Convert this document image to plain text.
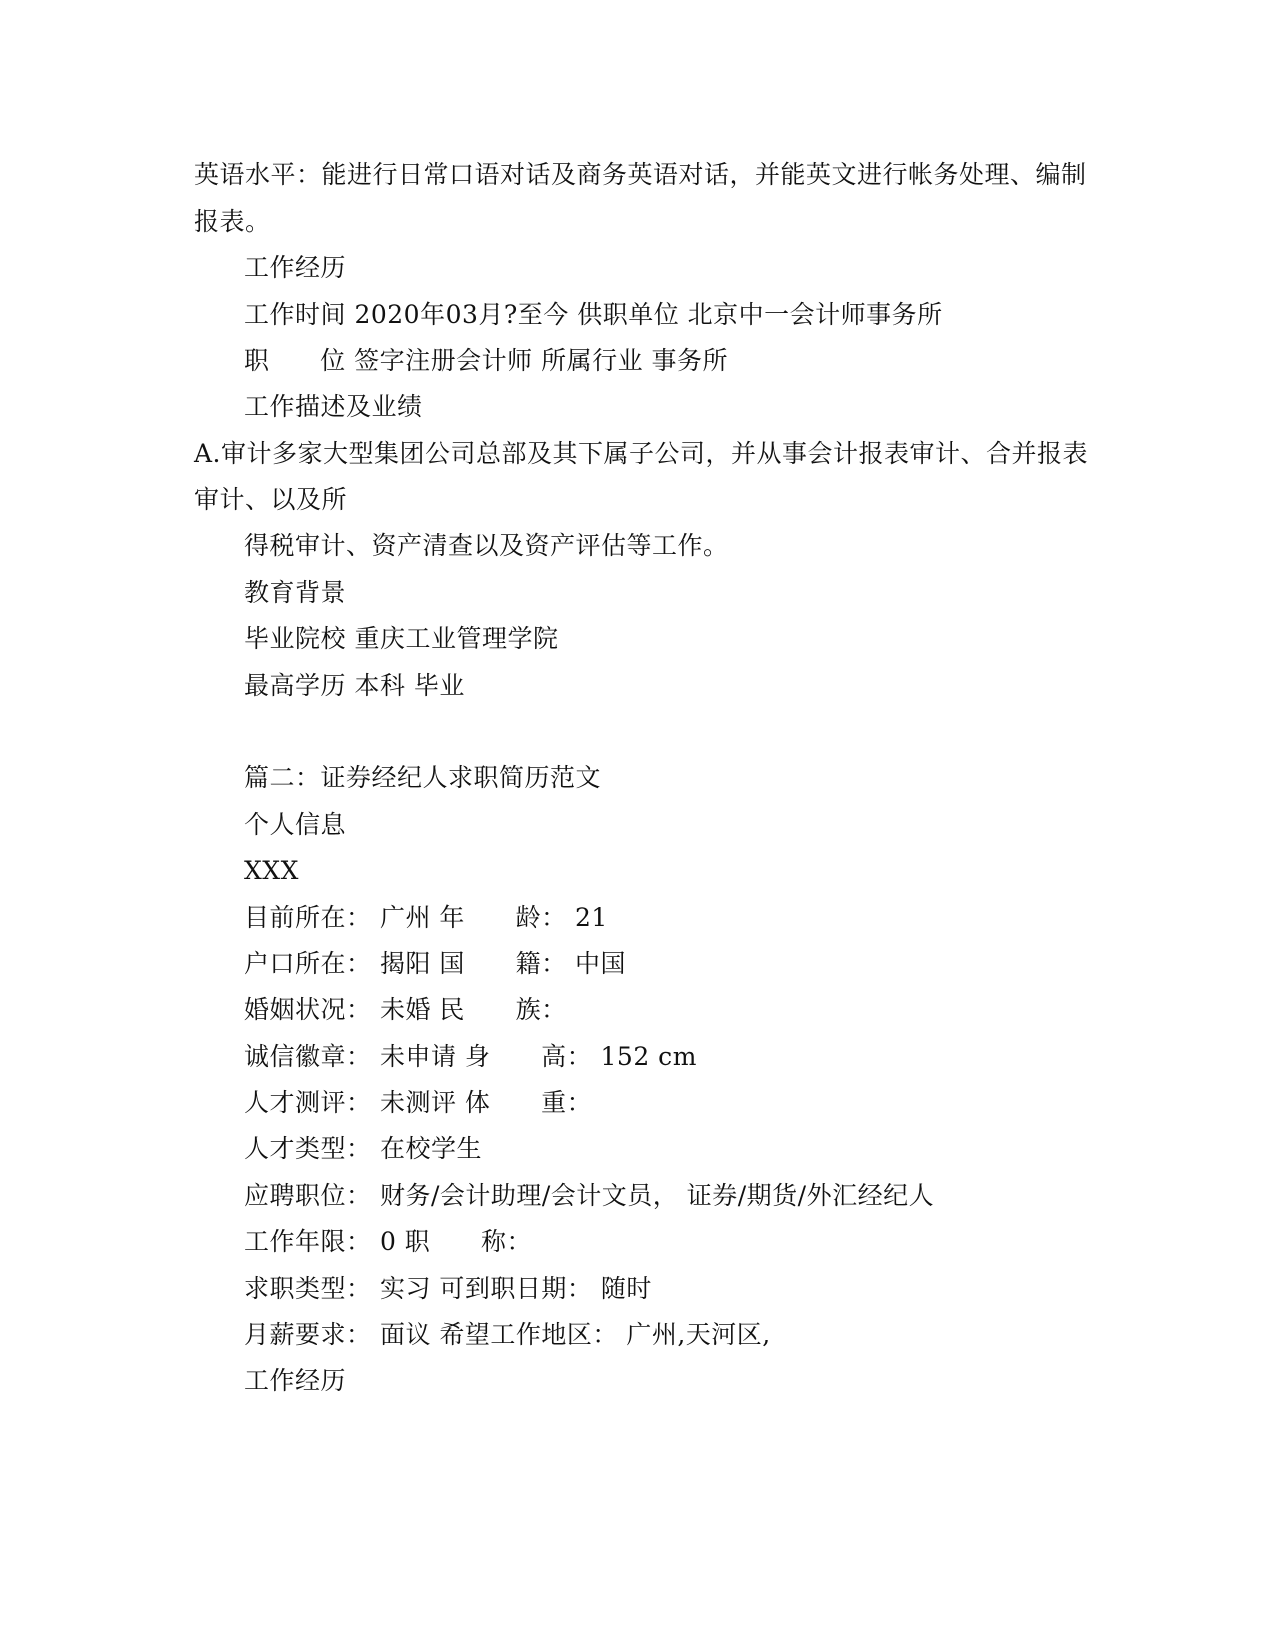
英语水平：能进行日常口语对话及商务英语对话，并能英文进行帐务处理、编制
报表。
工作经历
工作时间 2020年03月?至今 供职单位 北京中一会计师事务所
职      位 签字注册会计师 所属行业 事务所
工作描述及业绩
A.审计多家大型集团公司总部及其下属子公司，并从事会计报表审计、合并报表
审计、以及所
得税审计、资产清查以及资产评估等工作。
教育背景
毕业院校 重庆工业管理学院
最高学历 本科 毕业
篇二：证券经纪人求职简历范文
个人信息
XXX
目前所在： 广州 年      龄： 21
户口所在： 揭阳 国      籍： 中国
婚姻状况： 未婚 民      族：
诚信徽章： 未申请 身      高： 152 cm
人才测评： 未测评 体      重：
人才类型： 在校学生
应聘职位： 财务/会计助理/会计文员， 证券/期货/外汇经纪人
工作年限： 0 职      称：
求职类型： 实习 可到职日期： 随时
月薪要求： 面议 希望工作地区： 广州,天河区,
工作经历
